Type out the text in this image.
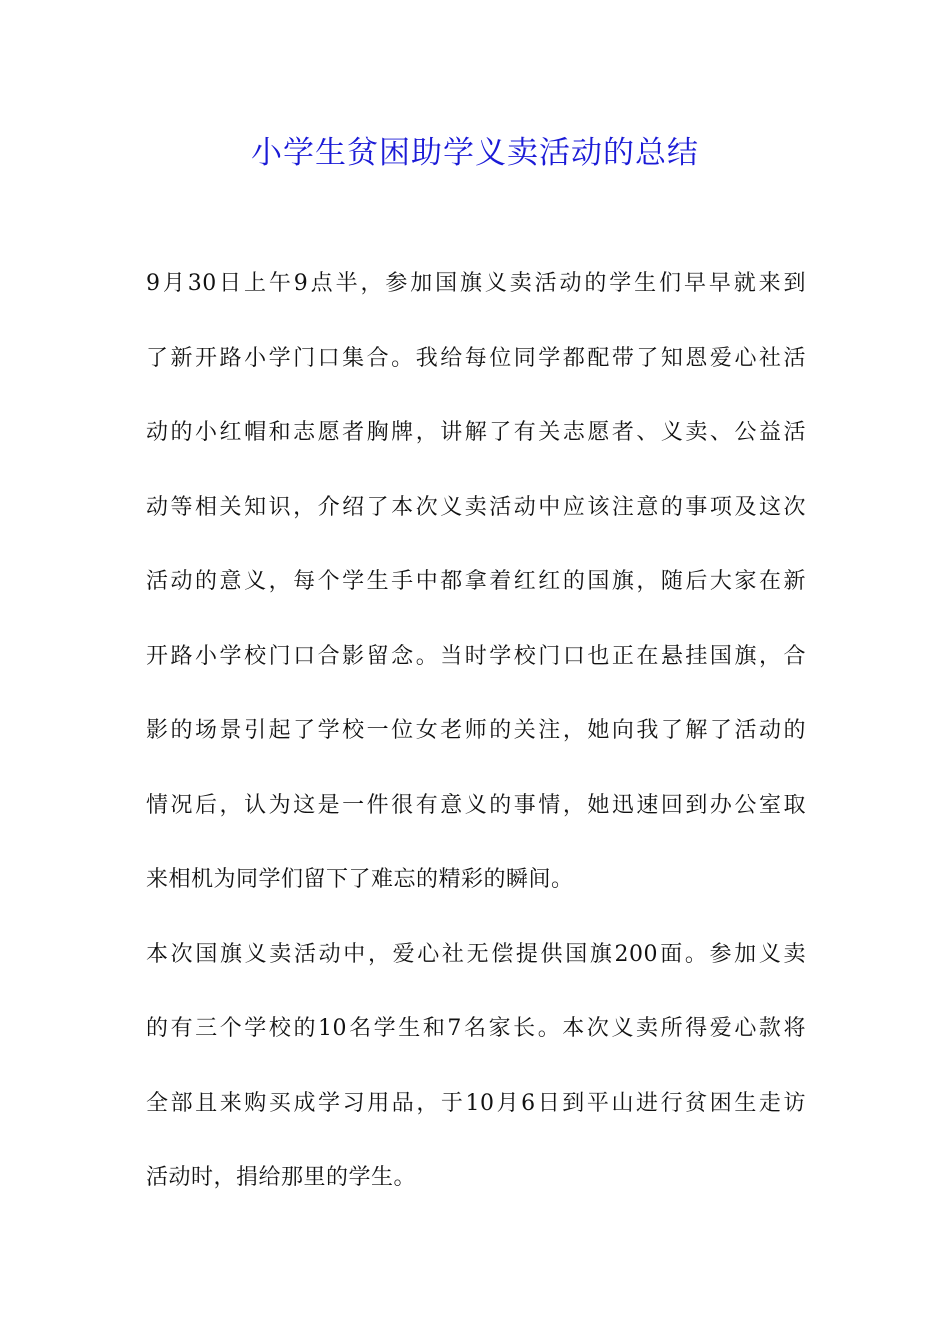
小学生贫困助学义卖活动的总结
9月30日上午9点半，参加国旗义卖活动的学生们早早就来到
了新开路小学门口集合。我给每位同学都配带了知恩爱心社活
动的小红帽和志愿者胸牌，讲解了有关志愿者、义卖、公益活
动等相关知识，介绍了本次义卖活动中应该注意的事项及这次
活动的意义，每个学生手中都拿着红红的国旗，随后大家在新
开路小学校门口合影留念。当时学校门口也正在悬挂国旗，合
影的场景引起了学校一位女老师的关注，她向我了解了活动的
情况后，认为这是一件很有意义的事情，她迅速回到办公室取
来相机为同学们留下了难忘的精彩的瞬间。
本次国旗义卖活动中，爱心社无偿提供国旗200面。参加义卖
的有三个学校的10名学生和7名家长。本次义卖所得爱心款将
全部且来购买成学习用品，于10月6日到平山进行贫困生走访
活动时，捐给那里的学生。
